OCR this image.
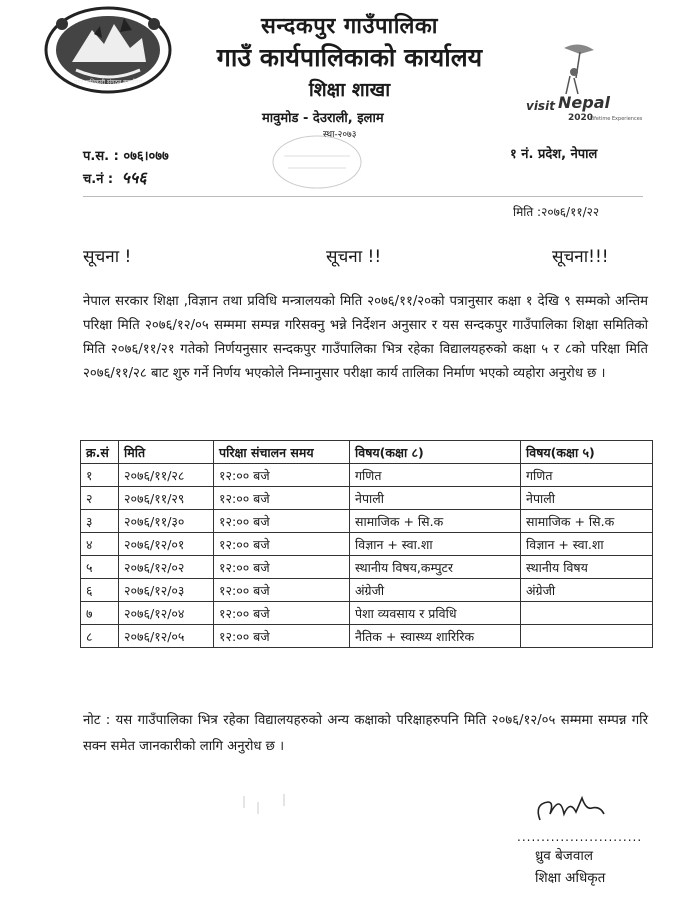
नगर अधिकारी संगठन कार्यालय
सन्दकपुर गाउँपालिका
गाउँ कार्यपालिकाको कार्यालय
शिक्षा शाखा
मावुमोड - देउराली, इलाम
स्था-२०७३
visit Nepal
2020
Lifetime Experiences
प.स. : ०७६।०७७
च.नं : ५५६
१ नं. प्रदेश, नेपाल
मिति :२०७६/११/२२
सूचना !	सूचना !!	सूचना!!!
नेपाल सरकार शिक्षा ,विज्ञान तथा प्रविधि मन्त्रालयको मिति २०७६/११/२०को पत्रानुसार कक्षा १ देखि ९ सम्मको अन्तिम परिक्षा मिति २०७६/१२/०५ सम्ममा सम्पन्न गरिसक्नु भन्ने निर्देशन अनुसार र यस सन्दकपुर गाउँपालिका शिक्षा समितिको मिति २०७६/११/२१ गतेको निर्णयनुसार सन्दकपुर गाउँपालिका भित्र रहेका विद्यालयहरुको कक्षा ५ र ८को परिक्षा मिति २०७६/११/२८ बाट शुरु गर्ने निर्णय भएकोले निम्नानुसार परीक्षा कार्य तालिका निर्माण भएको व्यहोरा अनुरोध छ ।
क्र.सं	मिति	परिक्षा संचालन समय	विषय(कक्षा ८)	विषय(कक्षा ५)
१	२०७६/११/२८	१२:०० बजे	गणित	गणित
२	२०७६/११/२९	१२:०० बजे	नेपाली	नेपाली
३	२०७६/११/३०	१२:०० बजे	सामाजिक + सि.क	सामाजिक + सि.क
४	२०७६/१२/०१	१२:०० बजे	विज्ञान + स्वा.शा	विज्ञान + स्वा.शा
५	२०७६/१२/०२	१२:०० बजे	स्थानीय विषय,कम्पुटर	स्थानीय विषय
६	२०७६/१२/०३	१२:०० बजे	अंग्रेजी	अंग्रेजी
७	२०७६/१२/०४	१२:०० बजे	पेशा व्यवसाय र प्रविधि	
८	२०७६/१२/०५	१२:०० बजे	नैतिक + स्वास्थ्य शारिरिक	
नोट : यस गाउँपालिका भित्र रहेका विद्यालयहरुको अन्य कक्षाको परिक्षाहरुपनि मिति २०७६/१२/०५ सम्ममा सम्पन्न गरि सक्न समेत जानकारीको लागि अनुरोध छ ।
..........................
ध्रुव बेजवाल
शिक्षा अधिकृत
